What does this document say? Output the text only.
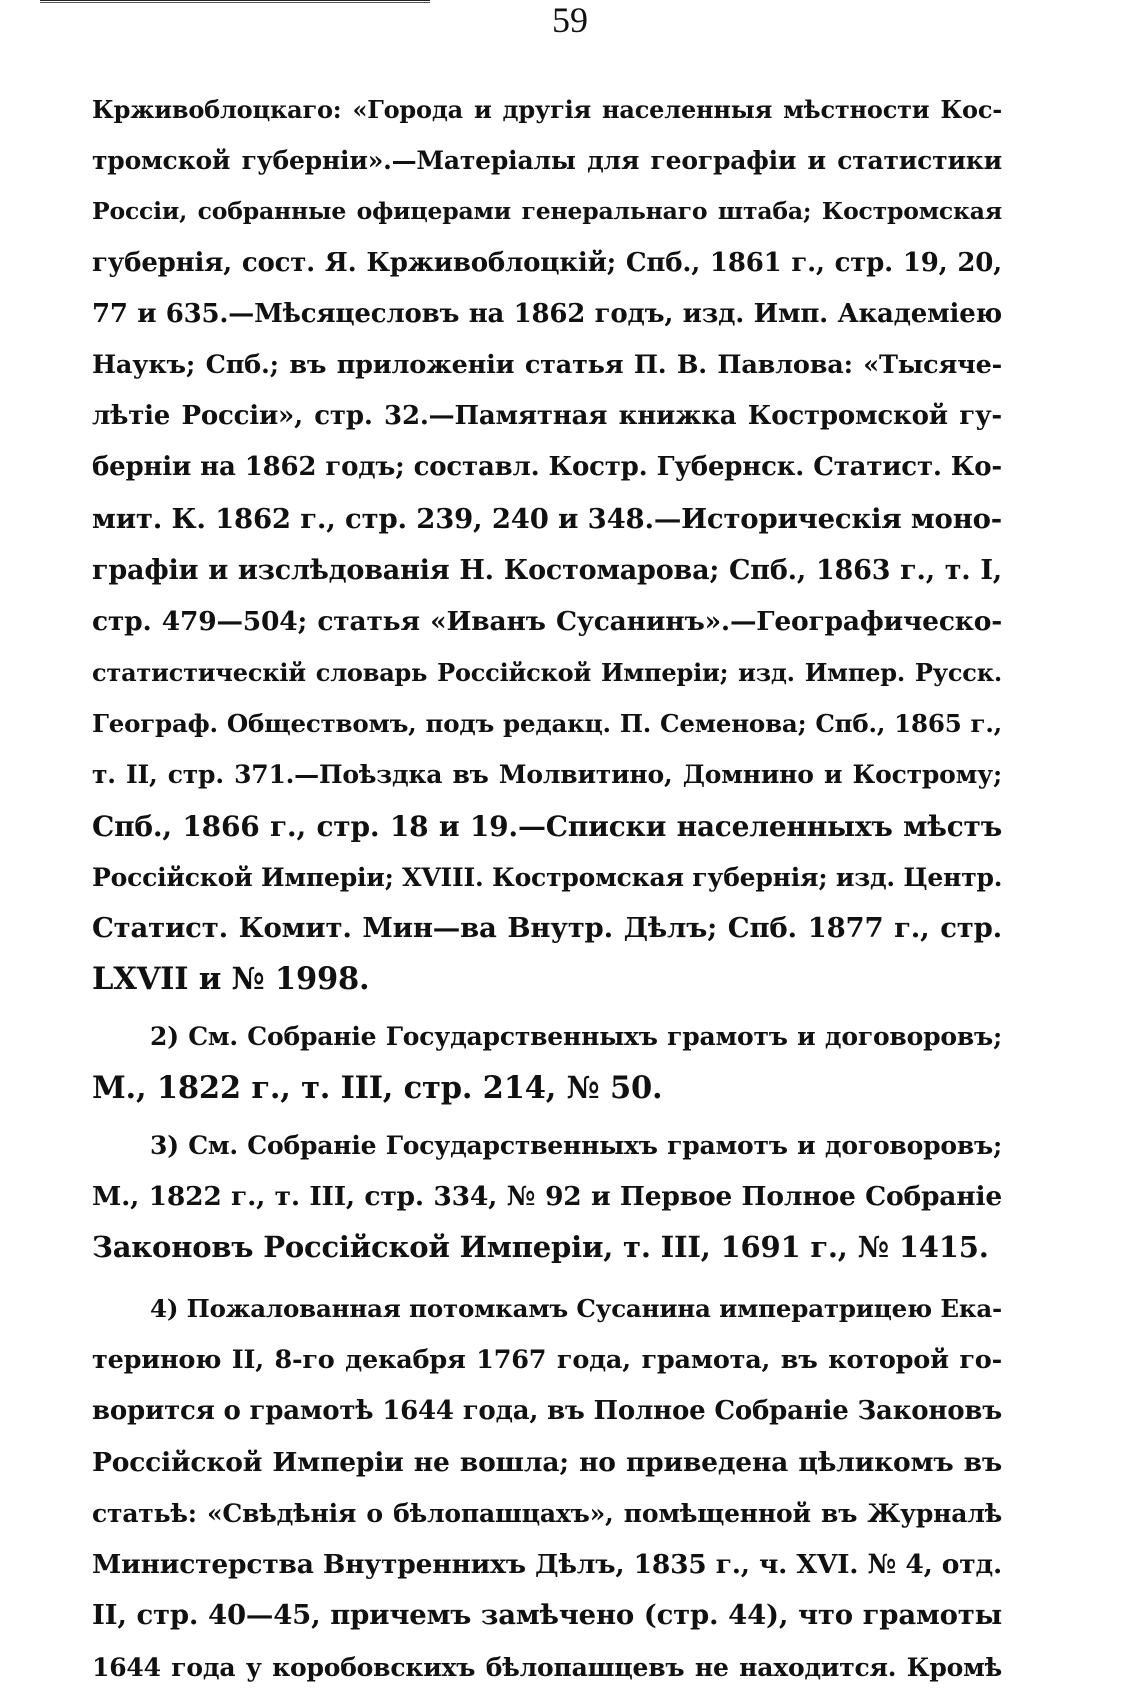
59
Крживоблоцкаго: «Города и другія населенныя мѣстности Кос-
тромской губерніи».—Матеріалы для географіи и статистики
Россіи, собранные офицерами генеральнаго штаба; Костромская
губернія, сост. Я. Крживоблоцкій; Спб., 1861 г., стр. 19, 20,
77 и 635.—Мѣсяцесловъ на 1862 годъ, изд. Имп. Академіею
Наукъ; Спб.; въ приложеніи статья П. В. Павлова: «Тысяче-
лѣтіе Россіи», стр. 32.—Памятная книжка Костромской гу-
берніи на 1862 годъ; составл. Костр. Губернск. Статист. Ко-
мит. К. 1862 г., стр. 239, 240 и 348.—Историческія моно-
графіи и изслѣдованія Н. Костомарова; Спб., 1863 г., т. I,
стр. 479—504; статья «Иванъ Сусанинъ».—Географическо-
статистическій словарь Россійской Имперіи; изд. Импер. Русск.
Географ. Обществомъ, подъ редакц. П. Семенова; Спб., 1865 г.,
т. II, стр. 371.—Поѣздка въ Молвитино, Домнино и Кострому;
Спб., 1866 г., стр. 18 и 19.—Списки населенныхъ мѣстъ
Россійской Имперіи; XVIII. Костромская губернія; изд. Центр.
Статист. Комит. Мин—ва Внутр. Дѣлъ; Спб. 1877 г., стр.
LXVII и № 1998.
2) См. Собраніе Государственныхъ грамотъ и договоровъ;
М., 1822 г., т. III, стр. 214, № 50.
3) См. Собраніе Государственныхъ грамотъ и договоровъ;
М., 1822 г., т. III, стр. 334, № 92 и Первое Полное Собраніе
Законовъ Россійской Имперіи, т. III, 1691 г., № 1415.
4) Пожалованная потомкамъ Сусанина императрицею Ека-
териною II, 8-го декабря 1767 года, грамота, въ которой го-
ворится о грамотѣ 1644 года, въ Полное Собраніе Законовъ
Россійской Имперіи не вошла; но приведена цѣликомъ въ
статьѣ: «Свѣдѣнія о бѣлопашцахъ», помѣщенной въ Журналѣ
Министерства Внутреннихъ Дѣлъ, 1835 г., ч. XVI. № 4, отд.
II, стр. 40—45, причемъ замѣчено (стр. 44), что грамоты
1644 года у коробовскихъ бѣлопашцевъ не находится. Кромѣ
